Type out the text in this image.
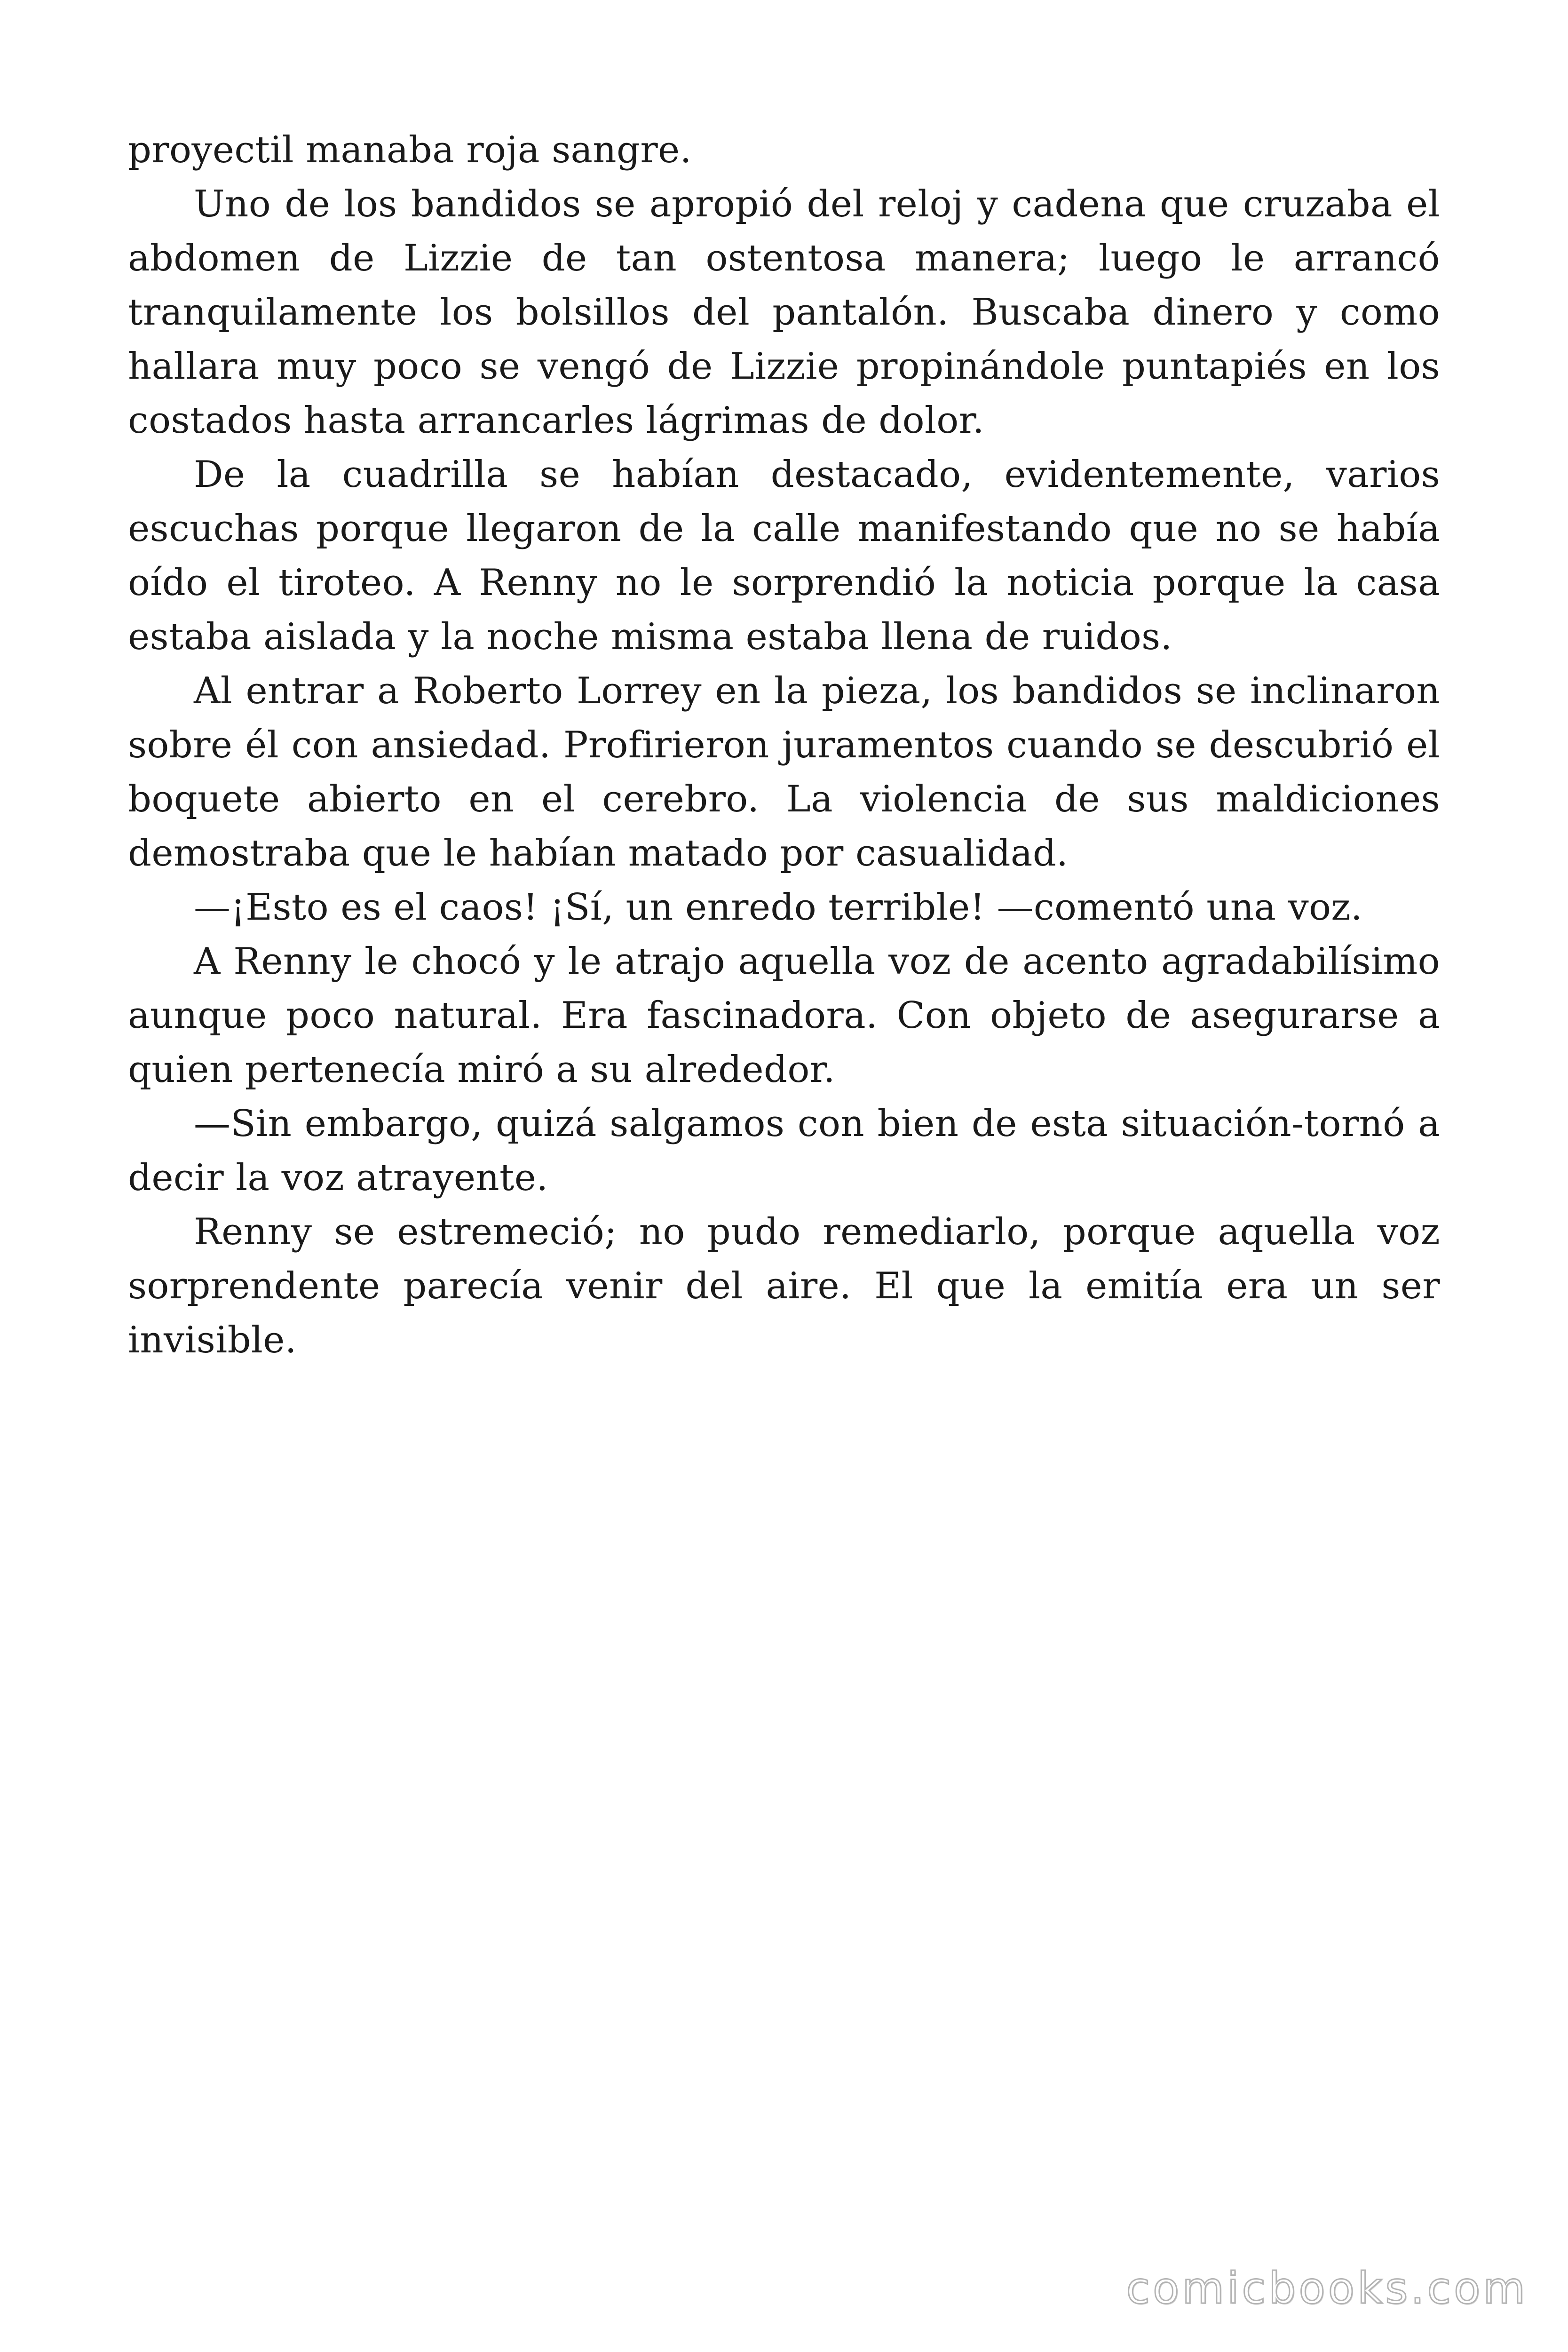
proyectil manaba roja sangre.

Uno de los bandidos se apropió del reloj y cadena que cruzaba el abdomen de Lizzie de tan ostentosa manera; luego le arrancó tranquilamente los bolsillos del pantalón. Buscaba dinero y como hallara muy poco se vengó de Lizzie propinándole puntapiés en los costados hasta arrancarles lágrimas de dolor.

De la cuadrilla se habían destacado, evidentemente, varios escuchas porque llegaron de la calle manifestando que no se había oído el tiroteo. A Renny no le sorprendió la noticia porque la casa estaba aislada y la noche misma estaba llena de ruidos.

Al entrar a Roberto Lorrey en la pieza, los bandidos se inclinaron sobre él con ansiedad. Profirieron juramentos cuando se descubrió el boquete abierto en el cerebro. La violencia de sus maldiciones demostraba que le habían matado por casualidad.

—¡Esto es el caos! ¡Sí, un enredo terrible! —comentó una voz.

A Renny le chocó y le atrajo aquella voz de acento agradabilísimo aunque poco natural. Era fascinadora. Con objeto de asegurarse a quien pertenecía miró a su alrededor.

—Sin embargo, quizá salgamos con bien de esta situación-tornó a decir la voz atrayente.

Renny se estremeció; no pudo remediarlo, porque aquella voz sorprendente parecía venir del aire. El que la emitía era un ser invisible.

comicbooks.com
